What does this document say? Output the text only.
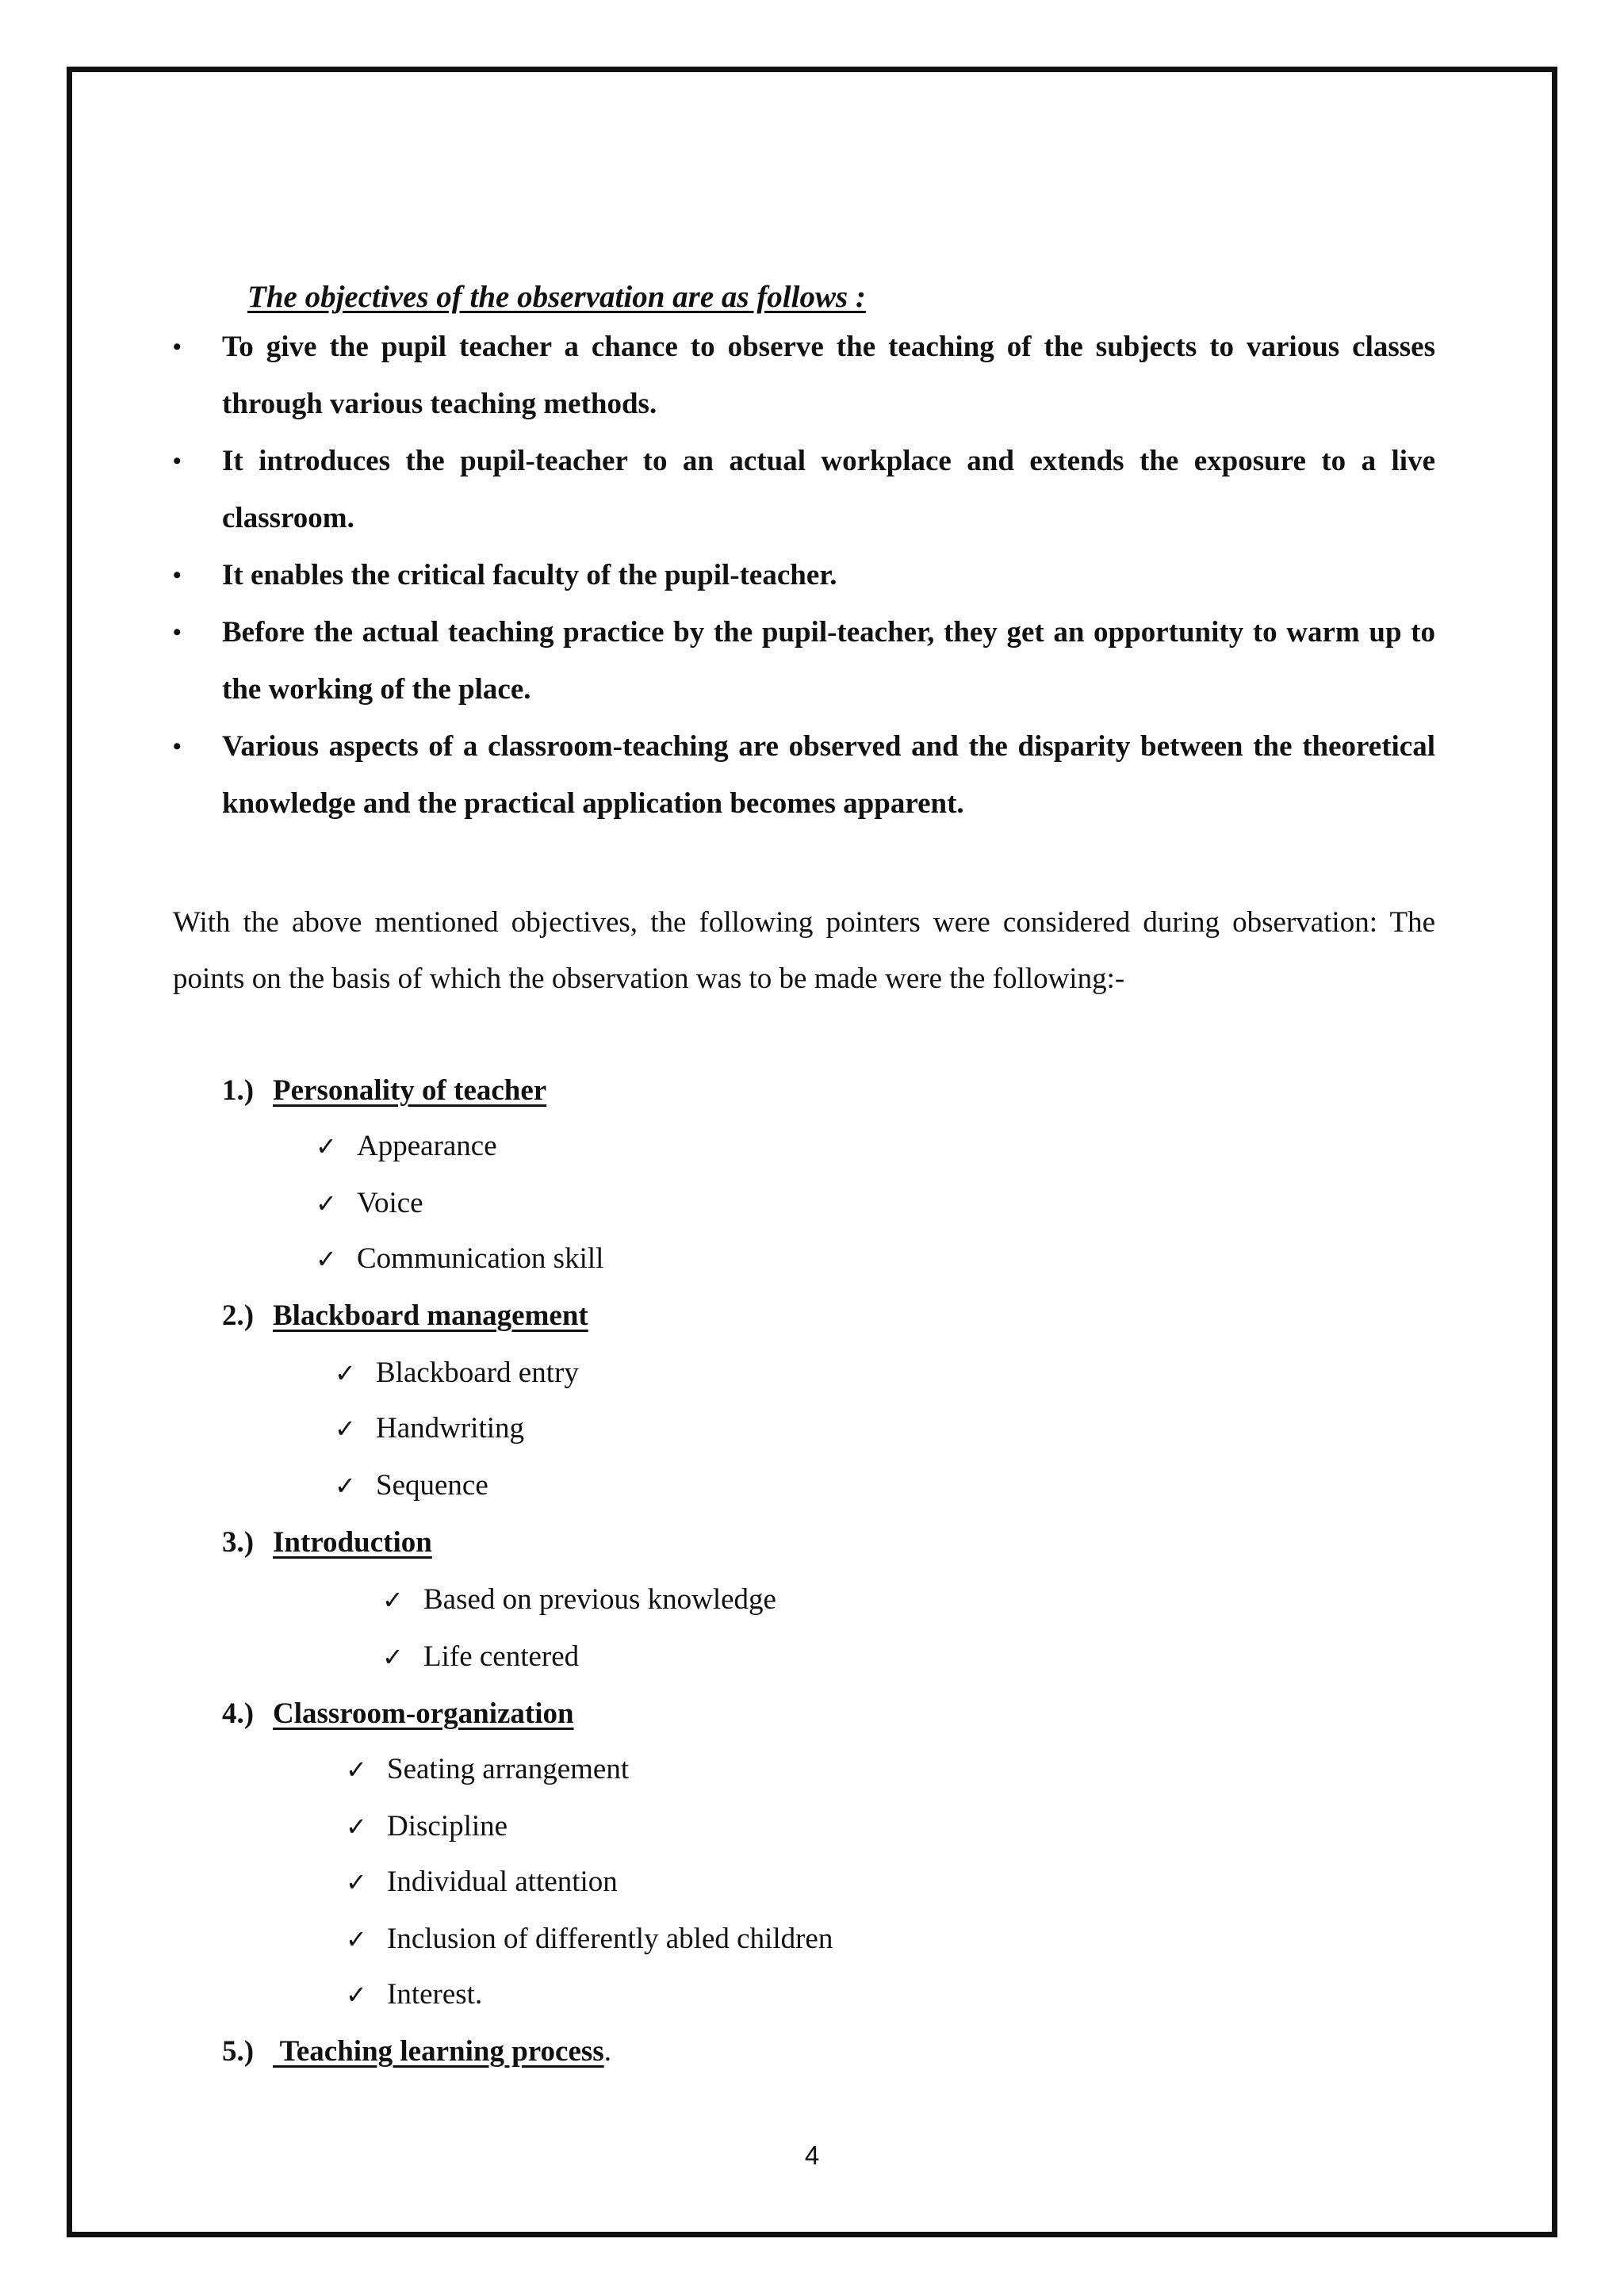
The objectives of the observation are as follows :
• To give the pupil teacher a chance to observe the teaching of the subjects to various classes through various teaching methods.
• It introduces the pupil-teacher to an actual workplace and extends the exposure to a live classroom.
• It enables the critical faculty of the pupil-teacher.
• Before the actual teaching practice by the pupil-teacher, they get an opportunity to warm up to the working of the place.
• Various aspects of a classroom-teaching are observed and the disparity between the theoretical knowledge and the practical application becomes apparent.

With the above mentioned objectives, the following pointers were considered during observation: The points on the basis of which the observation was to be made were the following:-

1.) Personality of teacher
✓ Appearance
✓ Voice
✓ Communication skill
2.) Blackboard management
✓ Blackboard entry
✓ Handwriting
✓ Sequence
3.) Introduction
✓ Based on previous knowledge
✓ Life centered
4.) Classroom-organization
✓ Seating arrangement
✓ Discipline
✓ Individual attention
✓ Inclusion of differently abled children
✓ Interest.
5.) Teaching learning process.
4
